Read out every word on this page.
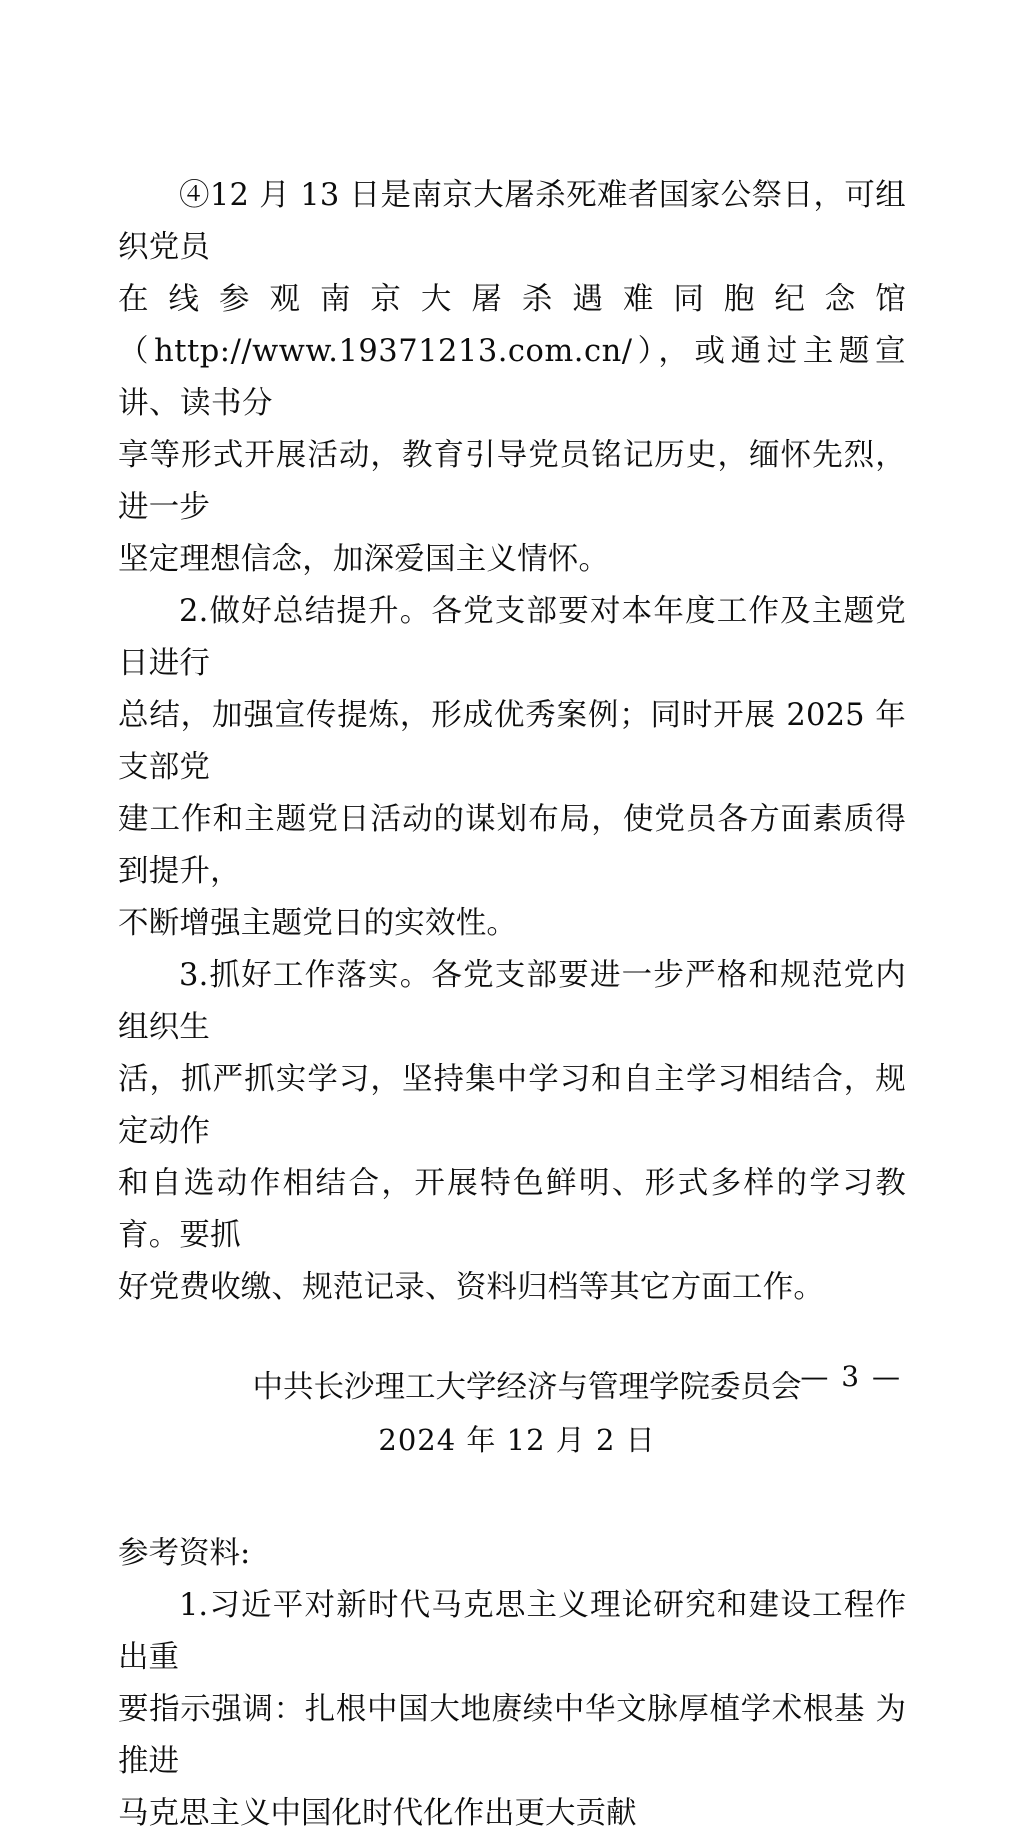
④12 月 13 日是南京大屠杀死难者国家公祭日，可组织党员
在 线 参 观 南 京 大 屠 杀 遇 难 同 胞 纪 念 馆
（http://www.19371213.com.cn/），或通过主题宣讲、读书分
享等形式开展活动，教育引导党员铭记历史，缅怀先烈，进一步
坚定理想信念，加深爱国主义情怀。
2.做好总结提升。各党支部要对本年度工作及主题党日进行
总结，加强宣传提炼，形成优秀案例；同时开展 2025 年支部党
建工作和主题党日活动的谋划布局，使党员各方面素质得到提升，
不断增强主题党日的实效性。
3.抓好工作落实。各党支部要进一步严格和规范党内组织生
活，抓严抓实学习，坚持集中学习和自主学习相结合，规定动作
和自选动作相结合，开展特色鲜明、形式多样的学习教育。要抓
好党费收缴、规范记录、资料归档等其它方面工作。
中共长沙理工大学经济与管理学院委员会
2024 年 12 月 2 日
参考资料:
1.习近平对新时代马克思主义理论研究和建设工程作出重
要指示强调：扎根中国大地赓续中华文脉厚植学术根基 为推进
马克思主义中国化时代化作出更大贡献
— 3 —
